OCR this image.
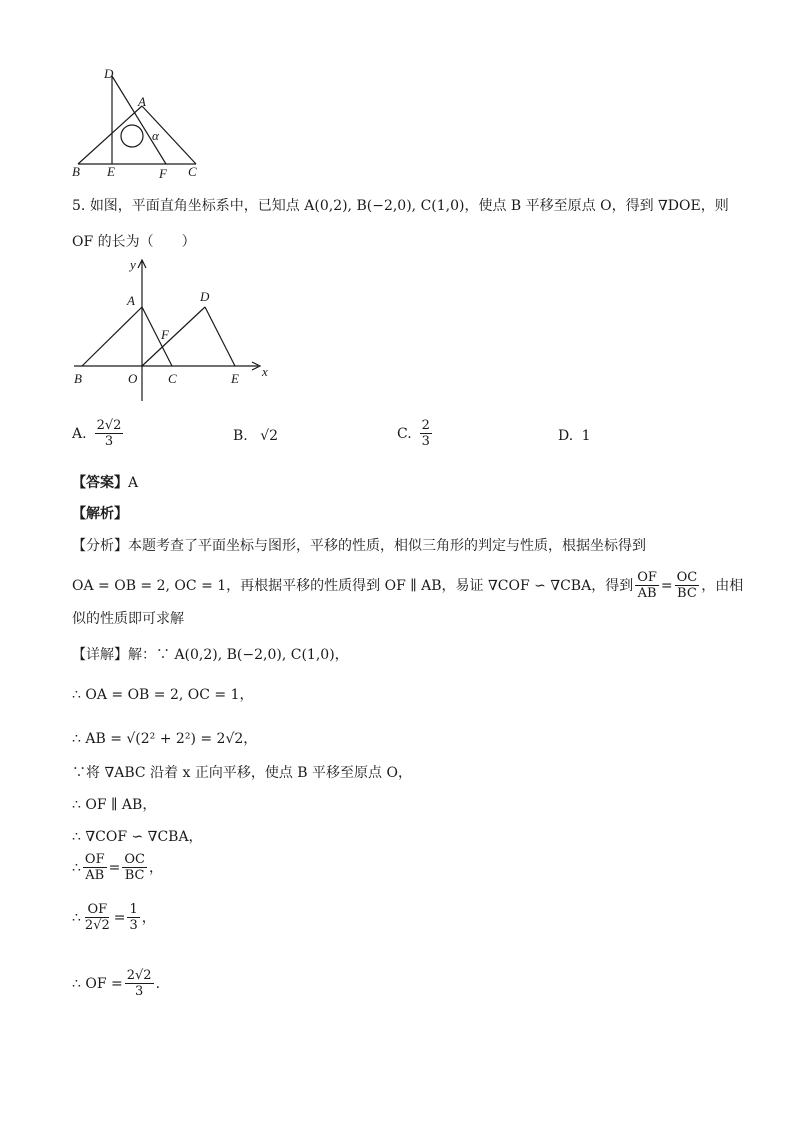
D
A
α
B E	F C
5. 如图，平面直角坐标系中，已知点 A(0,2), B(−2,0), C(1,0)，使点 B 平移至原点 O，得到 ∇DOE，则
OF 的长为（　　）
y
x
A	D
F
B	O C	E
A. $\frac{2√2}{3}$	B. √2	C. $\frac{2}{3}$	D. 1
【答案】A
【解析】
【分析】本题考查了平面坐标与图形，平移的性质，相似三角形的判定与性质，根据坐标得到
OA = OB = 2, OC = 1，再根据平移的性质得到 OF ∥ AB，易证 ∇COF ∽ ∇CBA，得到 $\frac{OF}{AB} = \frac{OC}{BC}$ ，由相
似的性质即可求解
【详解】解：∵ A(0,2), B(−2,0), C(1,0)，
∴ OA = OB = 2, OC = 1，
∴ AB = √(2² + 2²) = 2√2，
∵将 ∇ABC 沿着 x 正向平移，使点 B 平移至原点 O，
∴ OF ∥ AB，
∴ ∇COF ∽ ∇CBA，
∴ $\frac{OF}{AB} = \frac{OC}{BC}$ ，
∴ $\frac{OF}{2√2} = \frac{1}{3}$ ，
∴ OF = $\frac{2√2}{3}$ .
